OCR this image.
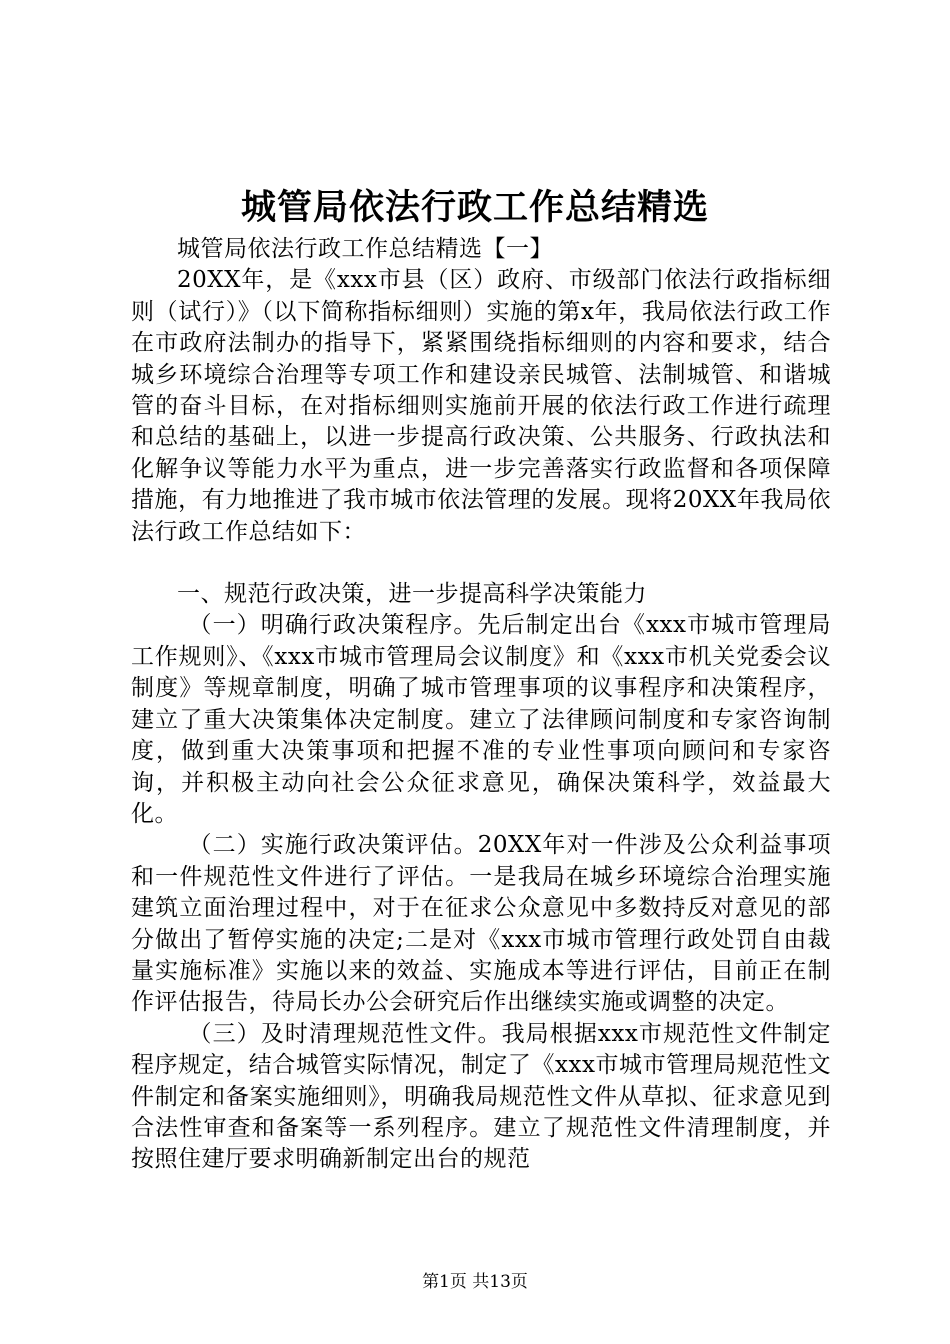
城管局依法行政工作总结精选

城管局依法行政工作总结精选【一】

20XX年，是《xxx市县（区）政府、市级部门依法行政指标细则（试行）》（以下简称指标细则）实施的第x年，我局依法行政工作在市政府法制办的指导下，紧紧围绕指标细则的内容和要求，结合城乡环境综合治理等专项工作和建设亲民城管、法制城管、和谐城管的奋斗目标，在对指标细则实施前开展的依法行政工作进行疏理和总结的基础上，以进一步提高行政决策、公共服务、行政执法和化解争议等能力水平为重点，进一步完善落实行政监督和各项保障措施，有力地推进了我市城市依法管理的发展。现将20XX年我局依法行政工作总结如下：

一、规范行政决策，进一步提高科学决策能力

（一）明确行政决策程序。先后制定出台《xxx市城市管理局工作规则》、《xxx市城市管理局会议制度》和《xxx市机关党委会议制度》等规章制度，明确了城市管理事项的议事程序和决策程序，建立了重大决策集体决定制度。建立了法律顾问制度和专家咨询制度，做到重大决策事项和把握不准的专业性事项向顾问和专家咨询，并积极主动向社会公众征求意见，确保决策科学，效益最大化。

（二）实施行政决策评估。20XX年对一件涉及公众利益事项和一件规范性文件进行了评估。一是我局在城乡环境综合治理实施建筑立面治理过程中，对于在征求公众意见中多数持反对意见的部分做出了暂停实施的决定;二是对《xxx市城市管理行政处罚自由裁量实施标准》实施以来的效益、实施成本等进行评估，目前正在制作评估报告，待局长办公会研究后作出继续实施或调整的决定。

（三）及时清理规范性文件。我局根据xxx市规范性文件制定程序规定，结合城管实际情况，制定了《xxx市城市管理局规范性文件制定和备案实施细则》，明确我局规范性文件从草拟、征求意见到合法性审查和备案等一系列程序。建立了规范性文件清理制度，并按照住建厅要求明确新制定出台的规范

第1页 共13页
